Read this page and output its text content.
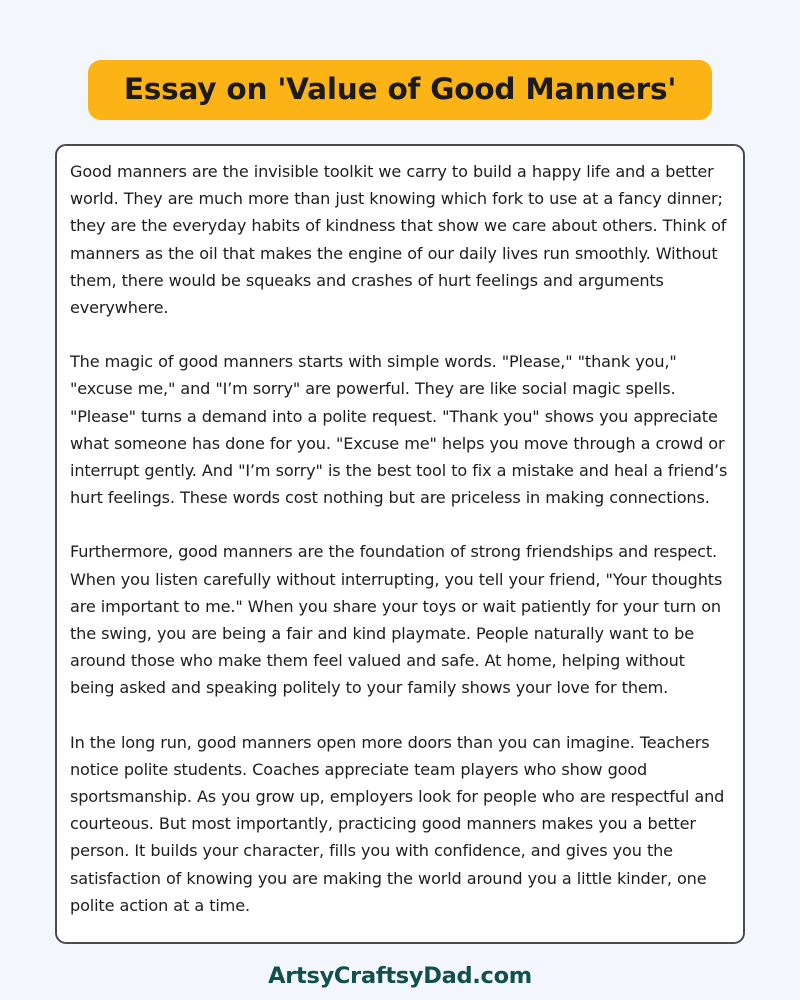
Essay on 'Value of Good Manners'

Good manners are the invisible toolkit we carry to build a happy life and a better world. They are much more than just knowing which fork to use at a fancy dinner; they are the everyday habits of kindness that show we care about others. Think of manners as the oil that makes the engine of our daily lives run smoothly. Without them, there would be squeaks and crashes of hurt feelings and arguments everywhere.

The magic of good manners starts with simple words. "Please," "thank you," "excuse me," and "I’m sorry" are powerful. They are like social magic spells. "Please" turns a demand into a polite request. "Thank you" shows you appreciate what someone has done for you. "Excuse me" helps you move through a crowd or interrupt gently. And "I’m sorry" is the best tool to fix a mistake and heal a friend’s hurt feelings. These words cost nothing but are priceless in making connections.

Furthermore, good manners are the foundation of strong friendships and respect. When you listen carefully without interrupting, you tell your friend, "Your thoughts are important to me." When you share your toys or wait patiently for your turn on the swing, you are being a fair and kind playmate. People naturally want to be around those who make them feel valued and safe. At home, helping without being asked and speaking politely to your family shows your love for them.

In the long run, good manners open more doors than you can imagine. Teachers notice polite students. Coaches appreciate team players who show good sportsmanship. As you grow up, employers look for people who are respectful and courteous. But most importantly, practicing good manners makes you a better person. It builds your character, fills you with confidence, and gives you the satisfaction of knowing you are making the world around you a little kinder, one polite action at a time.

ArtsyCraftsyDad.com
